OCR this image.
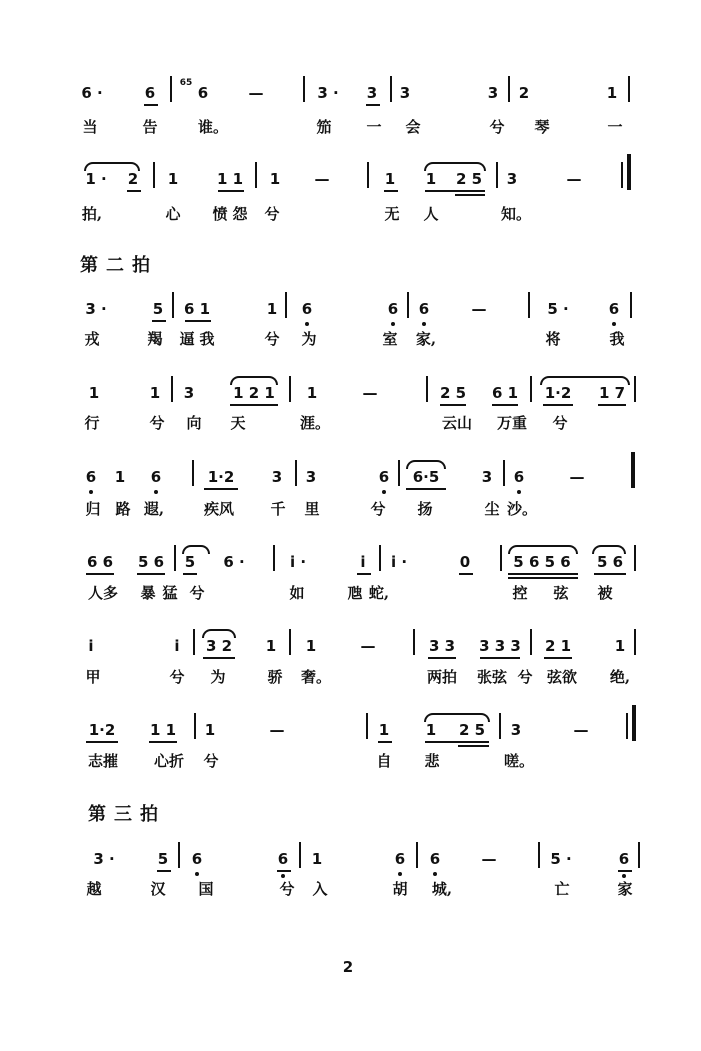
6 ·	6
65
6	—	3 · 3 3	3 2	1
当	告	谁。	笳 一 会	兮 琴	一
1 · 2 1	1 1 1 —	1 1 2 5 3	—
拍,	心 愤 怨 兮	无 人	知。
第二拍
3 ·	5 6 1	1 6	6 6	—	5 ·	6
戎	羯 逼 我	兮 为	室 家,	将	我
1	1 3	1 2 1 1	—	2 5 6 1 1·2 1 7
行	兮 向 天	涯。	云山 万重 兮
6 1 6	1·2 3 3	6 6·5	3 6	—
归 路 遐,	疾风 千 里	兮 扬	尘 沙。
6 6 5 6 5 6 ·	i ·	i i ·	0	5 6 5 6 5 6
人多 暴 猛 兮	如	虺 蛇,	控 弦 被
i	i 3 2 1 1	—	3 3 3 3 3 2 1	1
甲	兮 为	骄 奢。	两拍 张弦 兮 弦欲 绝,
1·2 1 1 1	—	1 1 2 5 3	—
志摧 心折 兮	自 悲	嗟。
第三拍
3 ·	5 6	6 1	6 6	—	5 ·	6
越	汉 国	兮 入	胡 城,	亡	家
2
